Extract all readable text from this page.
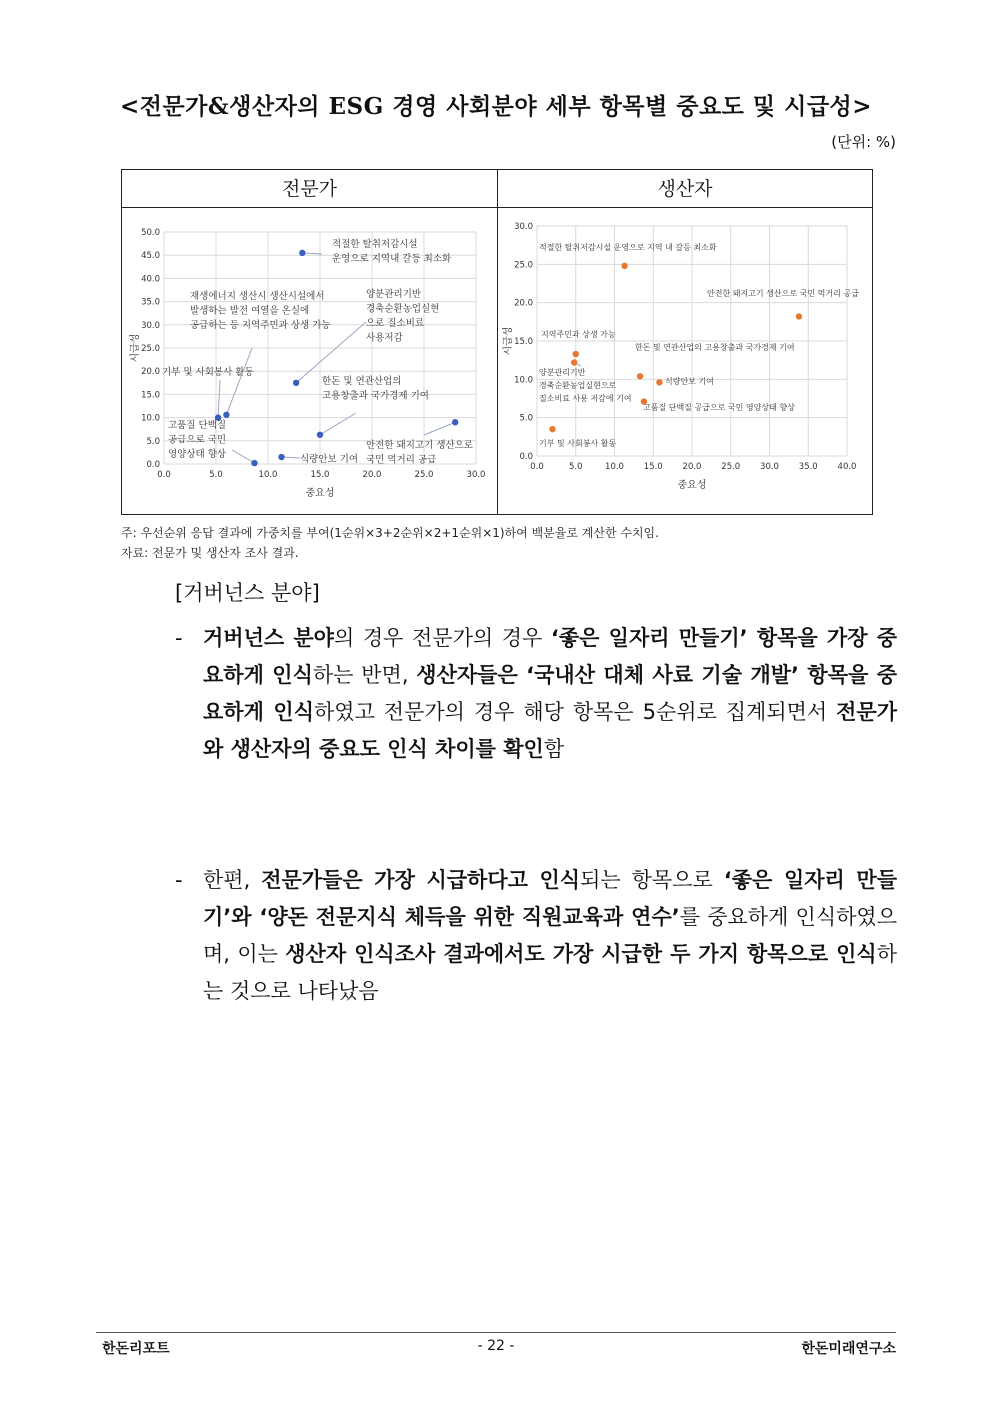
<전문가&생산자의 ESG 경영 사회분야 세부 항목별 중요도 및 시급성>
(단위: %)
전문가	생산자
0.0
5.0
10.0
15.0
20.0
25.0
30.0
35.0
40.0
45.0
50.0
0.0	5.0	10.0	15.0	20.0	25.0	30.0
중요성
시급성
적절한 탈취저감시설
운영으로 지역내 갈등 최소화
양분관리기반
경축순환농업실현
으로 질소비료
사용저감
기부 및 사회봉사 활동
재생에너지 생산시 생산시설에서
발생하는 발전 여열을 온실에
공급하는 등 지역주민과 상생 가능
안전한 돼지고기 생산으로
국민 먹거리 공급
한돈 및 연관산업의
고용창출과 국가경제 기여
식량안보 기여
고품질 단백질
공급으로 국민
영양상태 향상	0.0
5.0
10.0
15.0
20.0
25.0
30.0
0.0	5.0	10.0 15.0 20.0 25.0 30.0 35.0 40.0
중요성
시급성
적절한 탈취저감시설 운영으로 지역 내 갈등 최소화
안전한 돼지고기 생산으로 국민 먹거리 공급
지역주민과 상생 가능
양분관리기반
경축순환농업실현으로
질소비료 사용 저감에 기여
한돈 및 연관산업의 고용창출과 국가경제 기여
식량안보 기여
고품질 단백질 공급으로 국민 영양상태 향상
기부 및 사회봉사 활동
주: 우선순위 응답 결과에 가중치를 부여(1순위×3+2순위×2+1순위×1)하여 백분율로 계산한 수치임.
자료: 전문가 및 생산자 조사 결과.
[거버넌스 분야]
- 거버넌스 분야의 경우 전문가의 경우 ‘좋은 일자리 만들기’ 항목을 가장 중요하게 인식하는 반면, 생산자들은 ‘국내산 대체 사료 기술 개발’ 항목을 중요하게 인식하였고 전문가의 경우 해당 항목은 5순위로 집계되면서 전문가와 생산자의 중요도 인식 차이를 확인함
- 한편, 전문가들은 가장 시급하다고 인식되는 항목으로 ‘좋은 일자리 만들기’와 ‘양돈 전문지식 체득을 위한 직원교육과 연수’를 중요하게 인식하였으며, 이는 생산자 인식조사 결과에서도 가장 시급한 두 가지 항목으로 인식하는 것으로 나타났음
한돈리포트	- 22 -	한돈미래연구소
